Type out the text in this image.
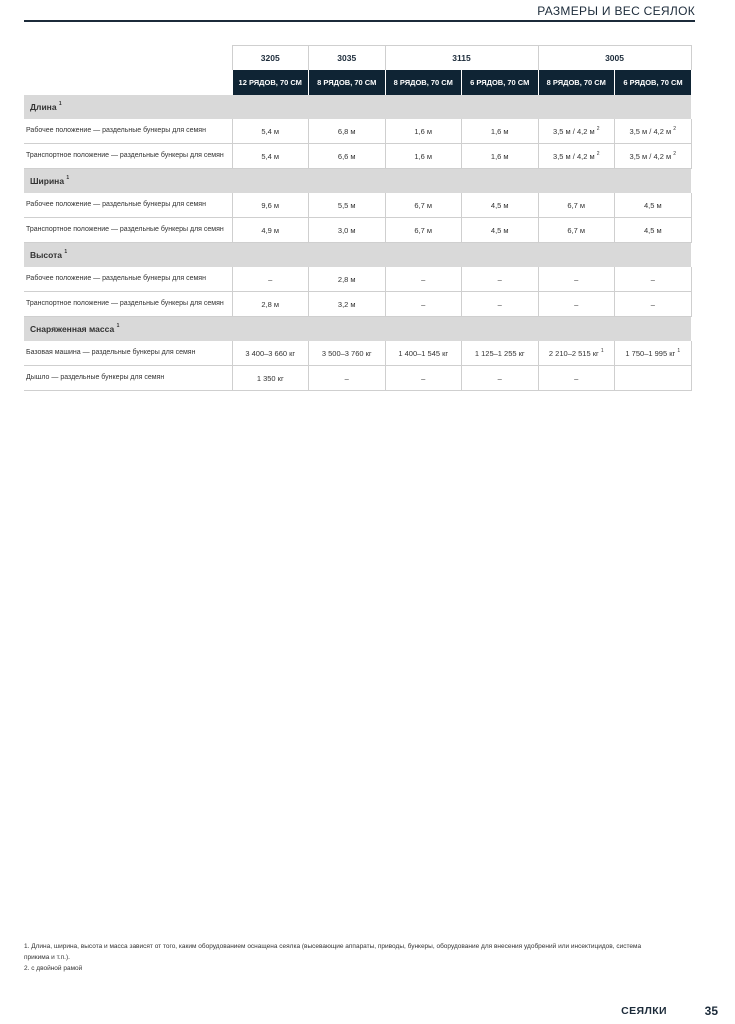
РАЗМЕРЫ И ВЕС СЕЯЛОК
	3205	3035	3115		3005	
	12 РЯДОВ, 70 СМ	8 РЯДОВ, 70 СМ	8 РЯДОВ, 70 СМ	6 РЯДОВ, 70 СМ	8 РЯДОВ, 70 СМ	6 РЯДОВ, 70 СМ
Длина $^1$
Рабочее положение — раздельные бункеры для семян	5,4 м	6,8 м	1,6 м	1,6 м	3,5 м / 4,2 м $^2$	3,5 м / 4,2 м $^2$
Транспортное положение — раздельные бункеры для семян	5,4 м	6,6 м	1,6 м	1,6 м	3,5 м / 4,2 м $^2$	3,5 м / 4,2 м $^2$
Ширина $^1$
Рабочее положение — раздельные бункеры для семян	9,6 м	5,5 м	6,7 м	4,5 м	6,7 м	4,5 м
Транспортное положение — раздельные бункеры для семян	4,9 м	3,0 м	6,7 м	4,5 м	6,7 м	4,5 м
Высота $^1$
Рабочее положение — раздельные бункеры для семян	–	2,8 м	–	–	–	–
Транспортное положение — раздельные бункеры для семян	2,8 м	3,2 м	–	–	–	–
Снаряженная масса $^1$
Базовая машина — раздельные бункеры для семян	3 400–3 660 кг	3 500–3 760 кг	1 400–1 545 кг	1 125–1 255 кг	2 210–2 515 кг $^1$	1 750–1 995 кг $^1$
Дышло — раздельные бункеры для семян	1 350 кг	–	–	–	–	
1. Длина, ширина, высота и масса зависят от того, каким оборудованием оснащена сеялка (высевающие аппараты, приводы, бункеры, оборудование для внесения удобрений или инсектицидов, система прикима и т.п.).
2. с двойной рамой
СЕЯЛКИ	35
